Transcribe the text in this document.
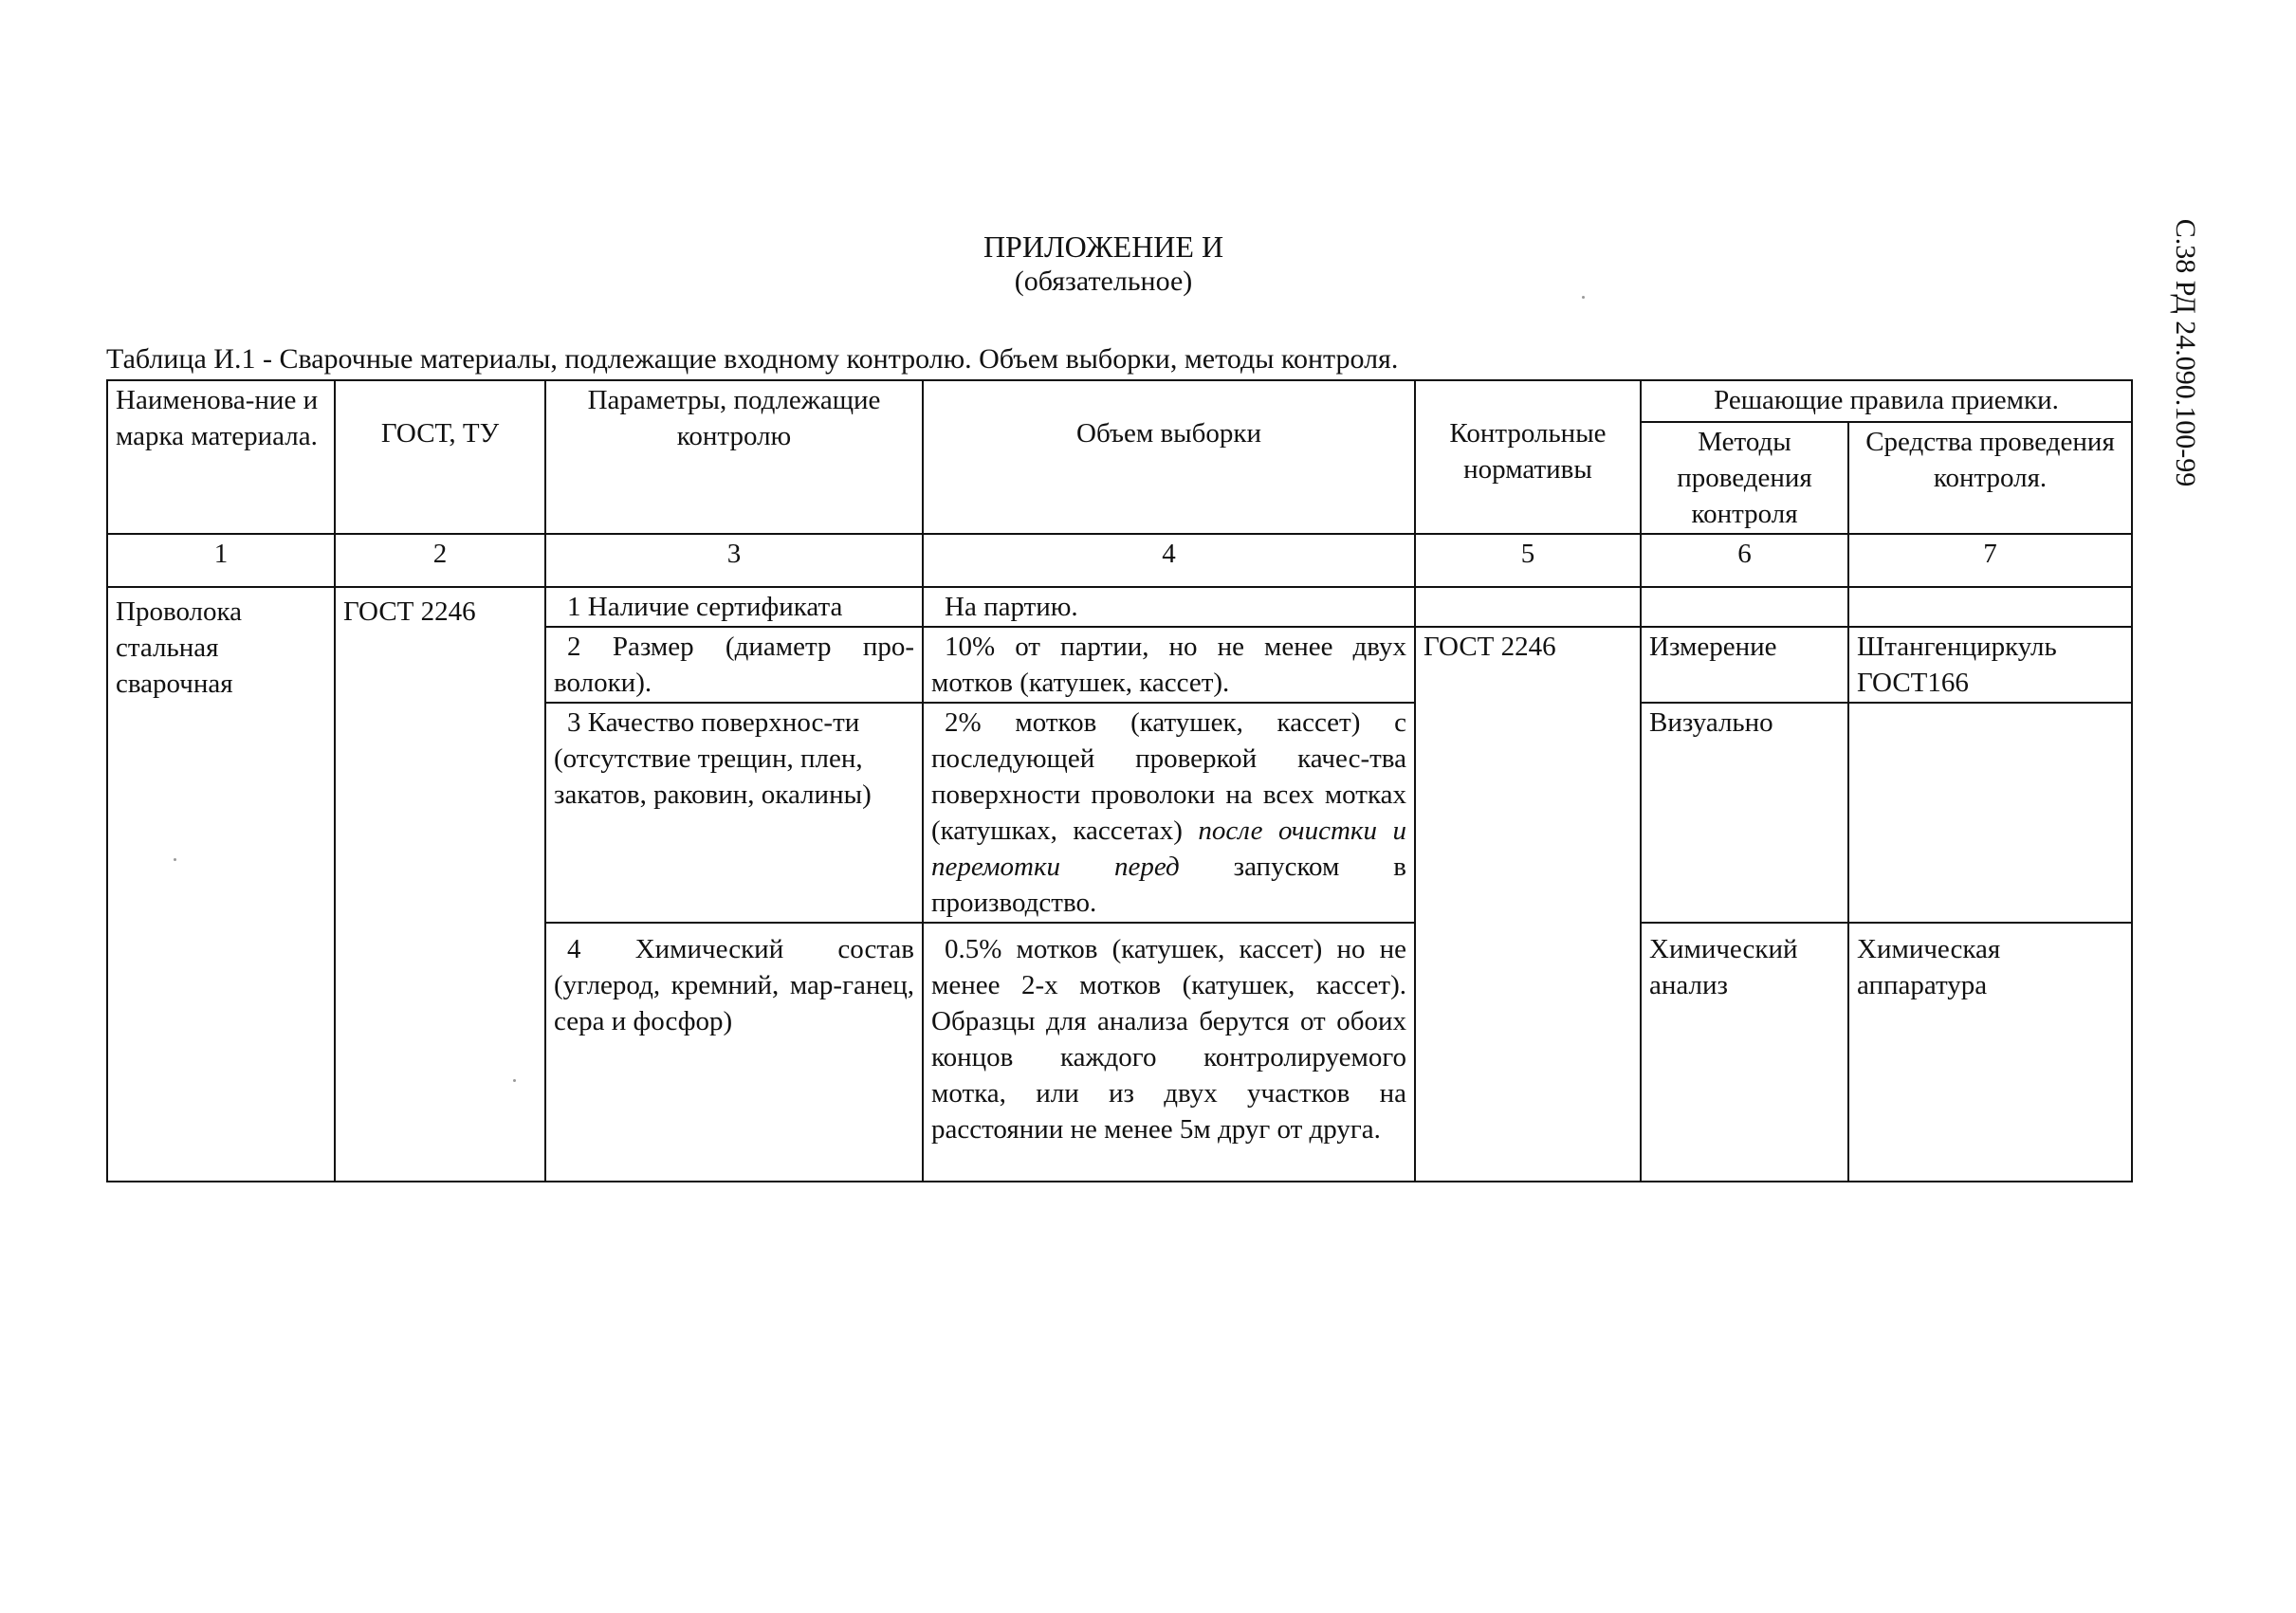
ПРИЛОЖЕНИЕ И
(обязательное)	С.38 РД 24.090.100-99
Таблица И.1 - Сварочные материалы, подлежащие входному контролю. Объем выборки, методы контроля.
Наименова-ние и марка материала.	ГОСТ, ТУ	Параметры, подлежащие контролю	Объем выборки	Контрольные нормативы	Решающие правила приемки.	
					Методы проведения контроля	Средства проведения контроля.
1	2	3	4	5	6	7
Проволока стальная сварочная	ГОСТ 2246	1 Наличие сертификата	На партию.			
		2 Размер (диаметр про-волоки).	10% от партии, но не менее двух мотков (катушек, кассет).	ГОСТ 2246	Измерение	Штангенциркуль ГОСТ166
		3 Качество поверхнос-ти (отсутствие трещин, плен, закатов, раковин, окалины)	2% мотков (катушек, кассет) с последующей проверкой качес-тва поверхности проволоки на всех мотках (катушках, кассетах) после очистки и перемотки перед запуском в производство.		Визуально	
		4 Химический состав (углерод, кремний, мар-ганец, сера и фосфор)	0.5% мотков (катушек, кассет) но не менее 2-х мотков (катушек, кассет). Образцы для анализа берутся от обоих концов каждого контролируемого мотка, или из двух участков на расстоянии не менее 5м друг от друга.		Химический анализ	Химическая аппаратура
